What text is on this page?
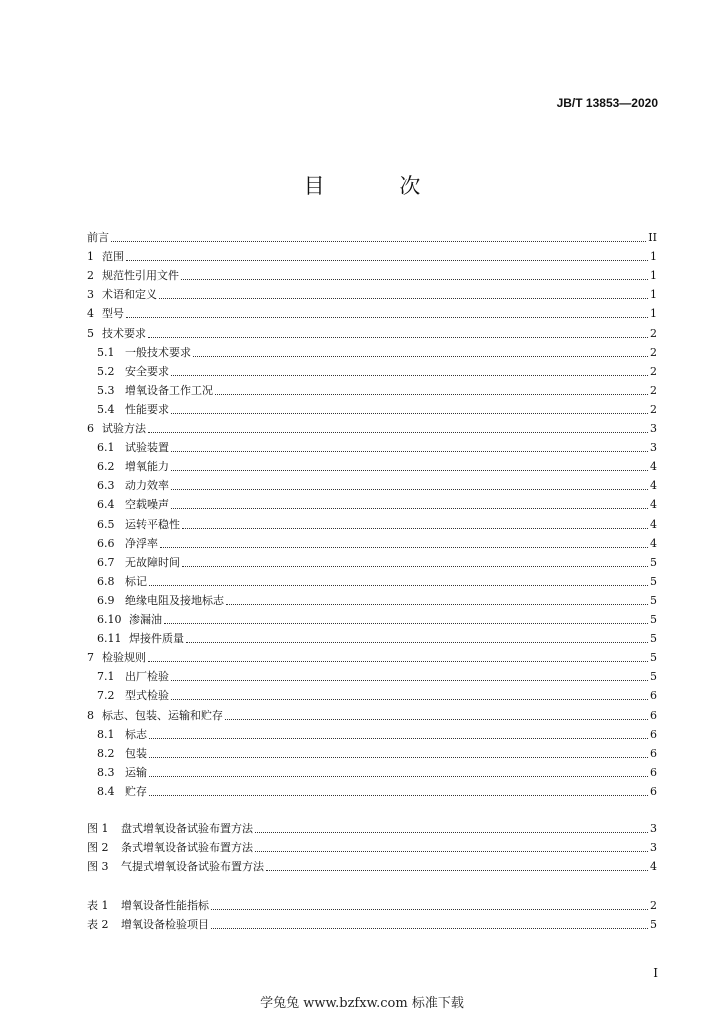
JB/T 13853—2020
目 次
前言	II
1 范围	1
2 规范性引用文件	1
3 术语和定义	1
4 型号	1
5 技术要求	2
5.1 一般技术要求	2
5.2 安全要求	2
5.3 增氧设备工作工况	2
5.4 性能要求	2
6 试验方法	3
6.1 试验装置	3
6.2 增氧能力	4
6.3 动力效率	4
6.4 空载噪声	4
6.5 运转平稳性	4
6.6 净浮率	4
6.7 无故障时间	5
6.8 标记	5
6.9 绝缘电阻及接地标志	5
6.10 渗漏油	5
6.11 焊接件质量	5
7 检验规则	5
7.1 出厂检验	5
7.2 型式检验	6
8 标志、包装、运输和贮存	6
8.1 标志	6
8.2 包装	6
8.3 运输	6
8.4 贮存	6
图 1	盘式增氧设备试验布置方法	3
图 2	条式增氧设备试验布置方法	3
图 3	气提式增氧设备试验布置方法	4
表 1	增氧设备性能指标	2
表 2	增氧设备检验项目	5
I
学兔兔 www.bzfxw.com 标准下载
